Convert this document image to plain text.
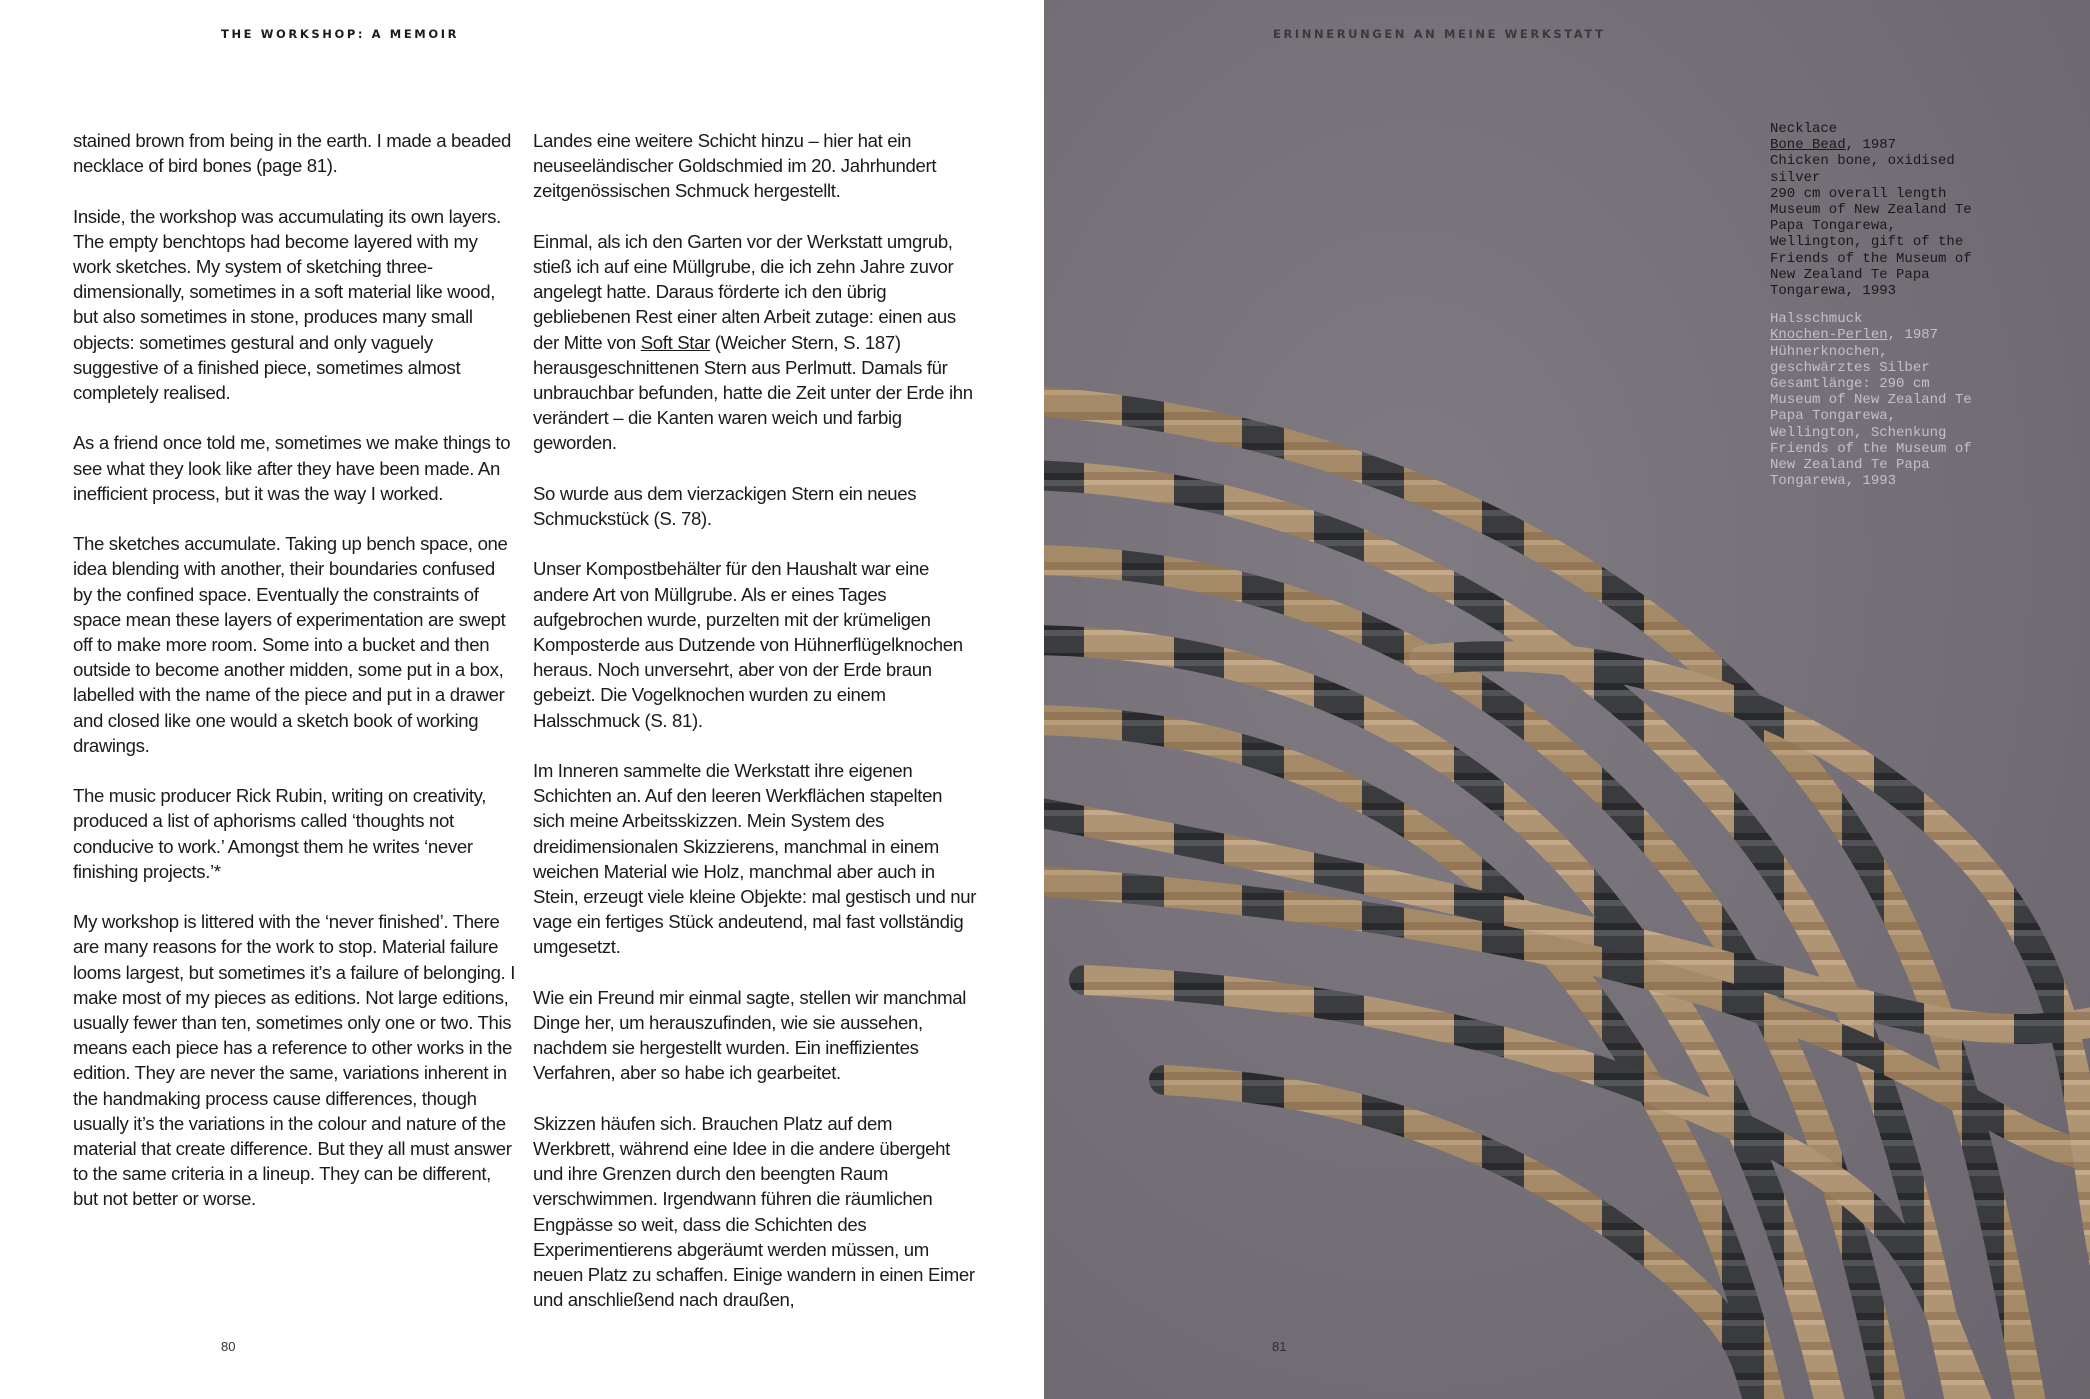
THE WORKSHOP: A MEMOIR

stained brown from being in the earth. I made a beaded necklace of bird bones (page 81).

Inside, the workshop was accumulating its own layers. The empty benchtops had become layered with my work sketches. My system of sketching three-dimensionally, sometimes in a soft material like wood, but also sometimes in stone, produces many small objects: sometimes gestural and only vaguely suggestive of a finished piece, sometimes almost completely realised.

As a friend once told me, sometimes we make things to see what they look like after they have been made. An inefficient process, but it was the way I worked.

The sketches accumulate. Taking up bench space, one idea blending with another, their boundaries confused by the confined space. Eventually the constraints of space mean these layers of experimentation are swept off to make more room. Some into a bucket and then outside to become another midden, some put in a box, labelled with the name of the piece and put in a drawer and closed like one would a sketch book of working drawings.

The music producer Rick Rubin, writing on creativity, produced a list of aphorisms called ‘thoughts not conducive to work.’ Amongst them he writes ‘never finishing projects.’*

My workshop is littered with the ‘never finished’. There are many reasons for the work to stop. Material failure looms largest, but sometimes it’s a failure of belonging. I make most of my pieces as editions. Not large editions, usually fewer than ten, sometimes only one or two. This means each piece has a reference to other works in the edition. They are never the same, variations inherent in the handmaking process cause differences, though usually it’s the variations in the colour and nature of the material that create difference. But they all must answer to the same criteria in a lineup. They can be different, but not better or worse.

Landes eine weitere Schicht hinzu – hier hat ein neuseeländischer Goldschmied im 20. Jahrhundert zeitgenössischen Schmuck hergestellt.

Einmal, als ich den Garten vor der Werkstatt umgrub, stieß ich auf eine Müllgrube, die ich zehn Jahre zuvor angelegt hatte. Daraus förderte ich den übrig gebliebenen Rest einer alten Arbeit zutage: einen aus der Mitte von Soft Star (Weicher Stern, S. 187) herausgeschnittenen Stern aus Perlmutt. Damals für unbrauchbar befunden, hatte die Zeit unter der Erde ihn verändert – die Kanten waren weich und farbig geworden.

So wurde aus dem vierzackigen Stern ein neues Schmuckstück (S. 78).

Unser Kompostbehälter für den Haushalt war eine andere Art von Müllgrube. Als er eines Tages aufgebrochen wurde, purzelten mit der krümeligen Komposterde aus Dutzende von Hühnerflügelknochen heraus. Noch unversehrt, aber von der Erde braun gebeizt. Die Vogelknochen wurden zu einem Halsschmuck (S. 81).

Im Inneren sammelte die Werkstatt ihre eigenen Schichten an. Auf den leeren Werkflächen stapelten sich meine Arbeitsskizzen. Mein System des dreidimensionalen Skizzierens, manchmal in einem weichen Material wie Holz, manchmal aber auch in Stein, erzeugt viele kleine Objekte: mal gestisch und nur vage ein fertiges Stück andeutend, mal fast vollständig umgesetzt.

Wie ein Freund mir einmal sagte, stellen wir manchmal Dinge her, um herauszufinden, wie sie aussehen, nachdem sie hergestellt wurden. Ein ineffizientes Verfahren, aber so habe ich gearbeitet.

Skizzen häufen sich. Brauchen Platz auf dem Werkbrett, während eine Idee in die andere übergeht und ihre Grenzen durch den beengten Raum verschwimmen. Irgendwann führen die räumlichen Engpässe so weit, dass die Schichten des Experimentierens abgeräumt werden müssen, um neuen Platz zu schaffen. Einige wandern in einen Eimer und anschließend nach draußen,

80
ERINNERUNGEN AN MEINE WERKSTATT

Necklace
Bone Bead, 1987
Chicken bone, oxidised silver
290 cm overall length
Museum of New Zealand Te Papa Tongarewa, Wellington, gift of the Friends of the Museum of New Zealand Te Papa Tongarewa, 1993

Halsschmuck
Knochen-Perlen, 1987
Hühnerknochen, geschwärztes Silber
Gesamtlänge: 290 cm
Museum of New Zealand Te Papa Tongarewa, Wellington, Schenkung Friends of the Museum of New Zealand Te Papa Tongarewa, 1993

81
